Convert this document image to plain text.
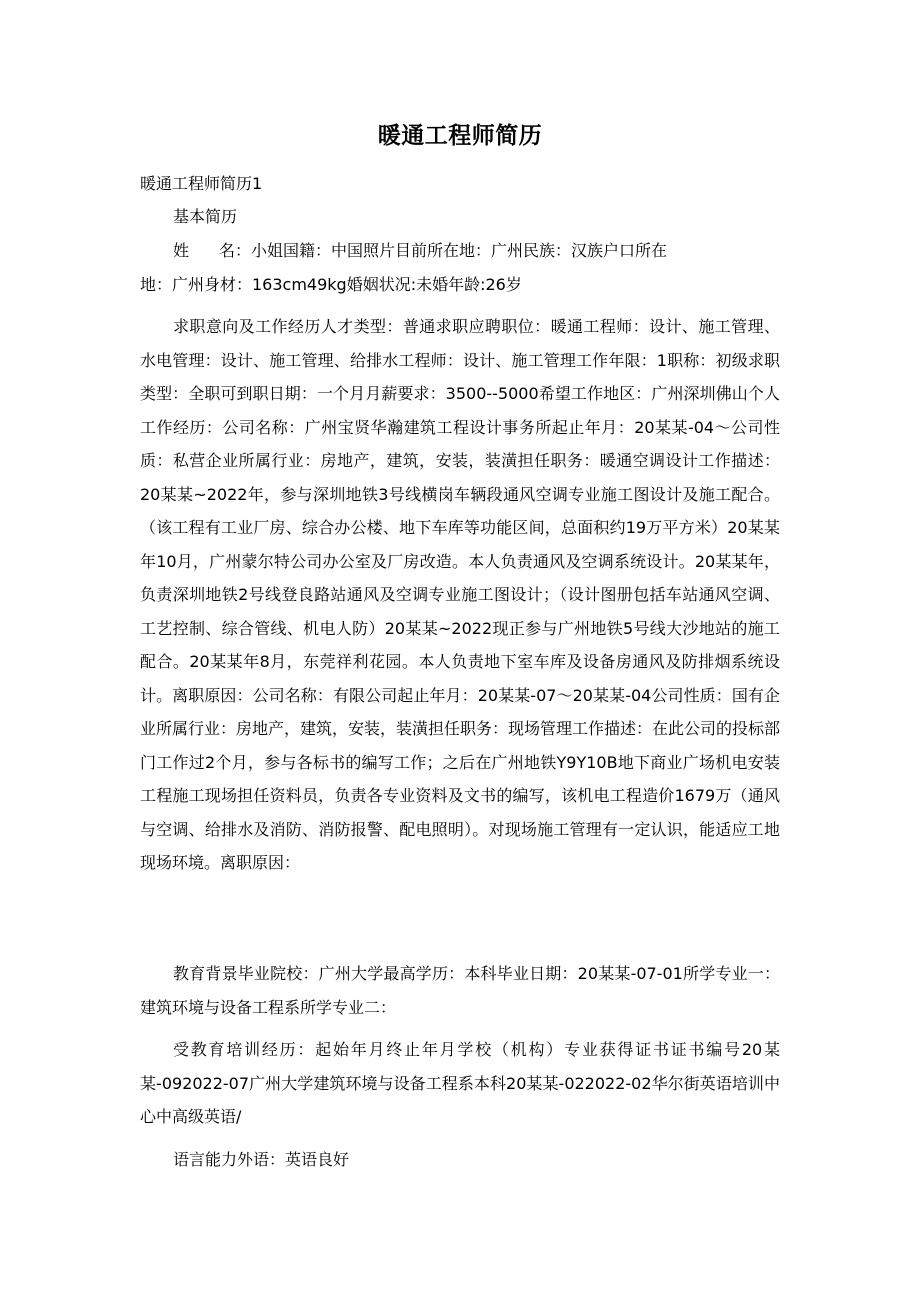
暖通工程师简历
暖通工程师简历1
基本简历
姓 名：小姐国籍：中国照片目前所在地：广州民族：汉族户口所在
地：广州身材：163cm49kg婚姻状况:未婚年龄:26岁
求职意向及工作经历人才类型：普通求职应聘职位：暖通工程师：设计、施工管理、水电管理：设计、施工管理、给排水工程师：设计、施工管理工作年限：1职称：初级求职类型：全职可到职日期：一个月月薪要求：3500--5000希望工作地区：广州深圳佛山个人工作经历：公司名称：广州宝贤华瀚建筑工程设计事务所起止年月：20某某-04～公司性质：私营企业所属行业：房地产，建筑，安装，装潢担任职务：暖通空调设计工作描述：20某某~2022年，参与深圳地铁3号线横岗车辆段通风空调专业施工图设计及施工配合。（该工程有工业厂房、综合办公楼、地下车库等功能区间，总面积约19万平方米）20某某年10月，广州蒙尔特公司办公室及厂房改造。本人负责通风及空调系统设计。20某某年，负责深圳地铁2号线登良路站通风及空调专业施工图设计；（设计图册包括车站通风空调、工艺控制、综合管线、机电人防）20某某~2022现正参与广州地铁5号线大沙地站的施工配合。20某某年8月，东莞祥利花园。本人负责地下室车库及设备房通风及防排烟系统设计。离职原因：公司名称：有限公司起止年月：20某某-07～20某某-04公司性质：国有企业所属行业：房地产，建筑，安装，装潢担任职务：现场管理工作描述：在此公司的投标部门工作过2个月，参与各标书的编写工作；之后在广州地铁Y9Y10B地下商业广场机电安装工程施工现场担任资料员，负责各专业资料及文书的编写，该机电工程造价1679万（通风与空调、给排水及消防、消防报警、配电照明）。对现场施工管理有一定认识，能适应工地现场环境。离职原因：
教育背景毕业院校：广州大学最高学历：本科毕业日期：20某某-07-01所学专业一：建筑环境与设备工程系所学专业二：
受教育培训经历：起始年月终止年月学校（机构）专业获得证书证书编号20某某-092022-07广州大学建筑环境与设备工程系本科20某某-022022-02华尔街英语培训中心中高级英语/
语言能力外语：英语良好
